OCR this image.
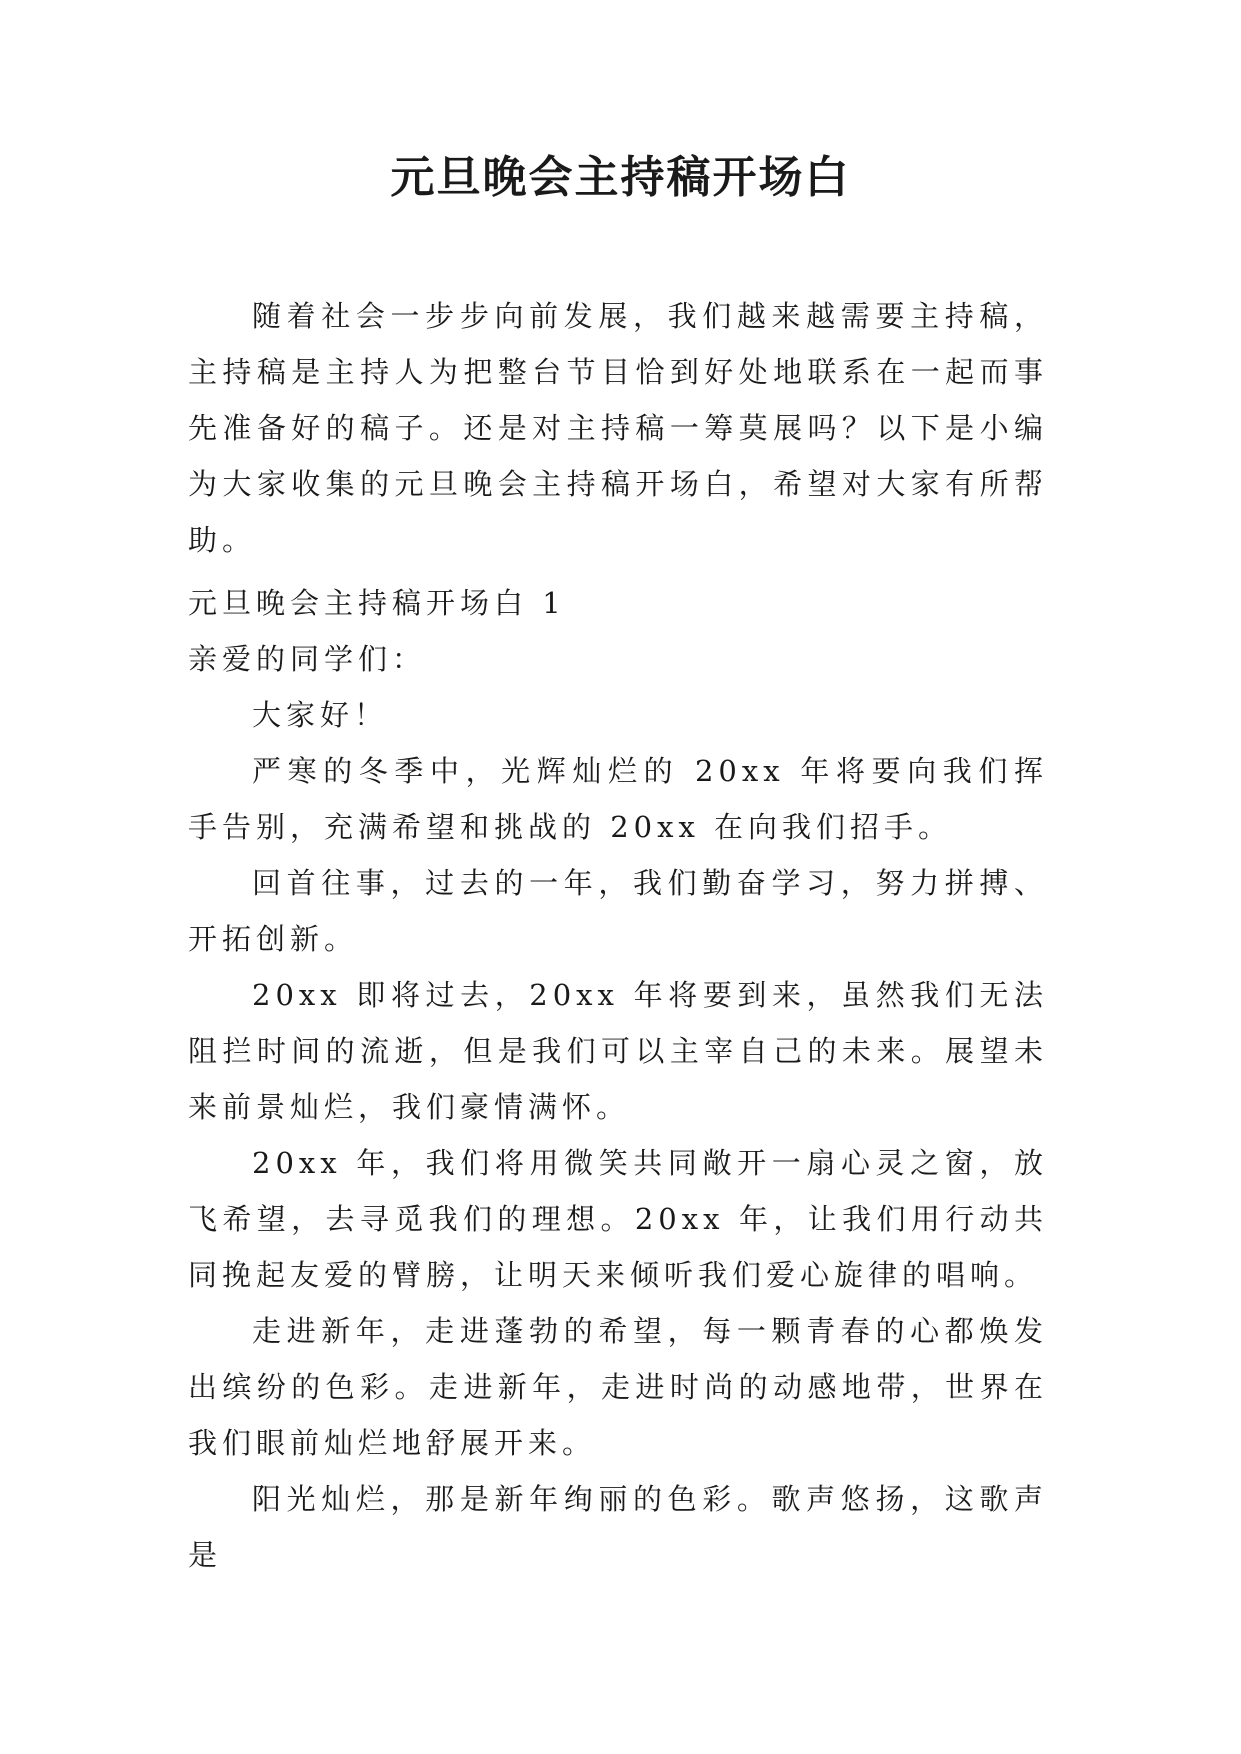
元旦晚会主持稿开场白

随着社会一步步向前发展，我们越来越需要主持稿，主持稿是主持人为把整台节目恰到好处地联系在一起而事先准备好的稿子。还是对主持稿一筹莫展吗？以下是小编为大家收集的元旦晚会主持稿开场白，希望对大家有所帮助。

元旦晚会主持稿开场白 1

亲爱的同学们：

大家好！

严寒的冬季中，光辉灿烂的 20xx 年将要向我们挥手告别，充满希望和挑战的 20xx 在向我们招手。

回首往事，过去的一年，我们勤奋学习，努力拼搏、开拓创新。

20xx 即将过去，20xx 年将要到来，虽然我们无法阻拦时间的流逝，但是我们可以主宰自己的未来。展望未来前景灿烂，我们豪情满怀。

20xx 年，我们将用微笑共同敞开一扇心灵之窗，放飞希望，去寻觅我们的理想。20xx 年，让我们用行动共同挽起友爱的臂膀，让明天来倾听我们爱心旋律的唱响。

走进新年，走进蓬勃的希望，每一颗青春的心都焕发出缤纷的色彩。走进新年，走进时尚的动感地带，世界在我们眼前灿烂地舒展开来。

阳光灿烂，那是新年绚丽的色彩。歌声悠扬，这歌声是
